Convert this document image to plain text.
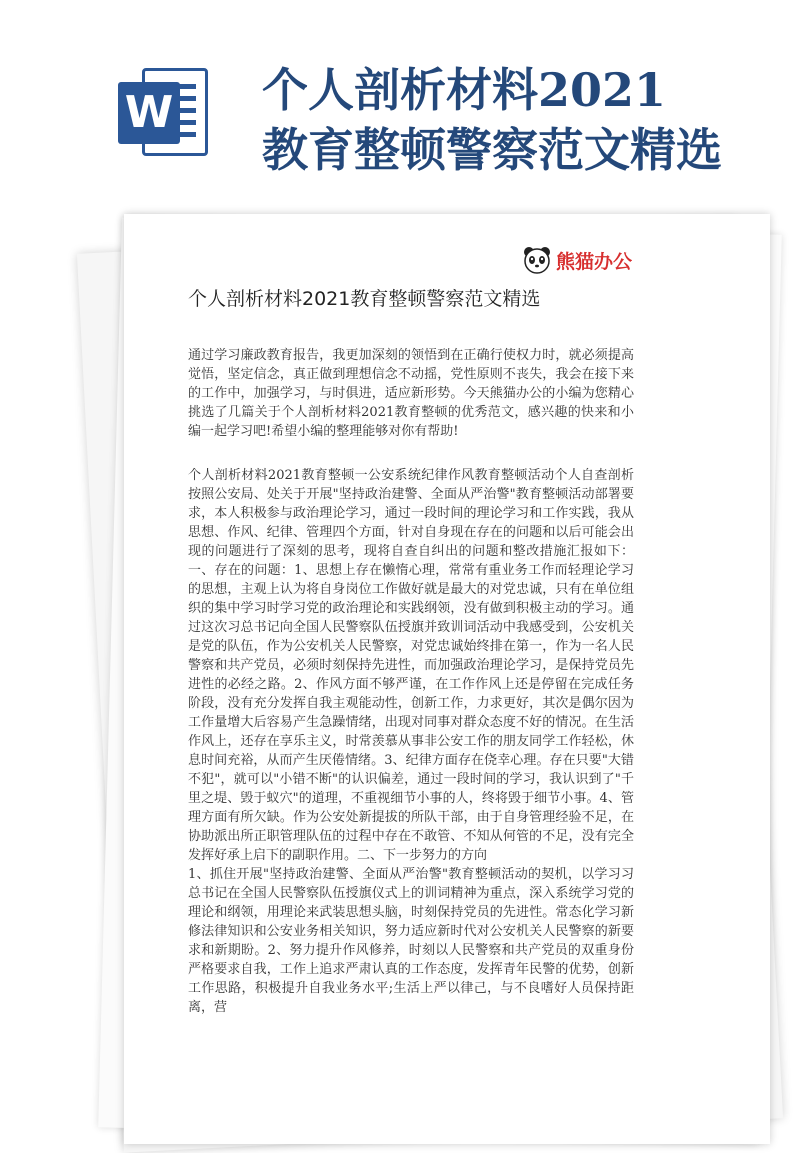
W 个人剖析材料2021
教育整顿警察范文精选
熊猫办公
个人剖析材料2021教育整顿警察范文精选

通过学习廉政教育报告，我更加深刻的领悟到在正确行使权力时，就必须提高觉悟，坚定信念，真正做到理想信念不动摇，党性原则不丧失，我会在接下来的工作中，加强学习，与时俱进，适应新形势。今天熊猫办公的小编为您精心挑选了几篇关于个人剖析材料2021教育整顿的优秀范文，感兴趣的快来和小编一起学习吧!希望小编的整理能够对你有帮助!

个人剖析材料2021教育整顿一公安系统纪律作风教育整顿活动个人自查剖析按照公安局、处关于开展"坚持政治建警、全面从严治警"教育整顿活动部署要求，本人积极参与政治理论学习，通过一段时间的理论学习和工作实践，我从思想、作风、纪律、管理四个方面，针对自身现在存在的问题和以后可能会出现的问题进行了深刻的思考，现将自查自纠出的问题和整改措施汇报如下：一、存在的问题：1、思想上存在懒惰心理，常常有重业务工作而轻理论学习的思想，主观上认为将自身岗位工作做好就是最大的对党忠诚，只有在单位组织的集中学习时学习党的政治理论和实践纲领，没有做到积极主动的学习。通过这次习总书记向全国人民警察队伍授旗并致训词活动中我感受到，公安机关是党的队伍，作为公安机关人民警察，对党忠诚始终排在第一，作为一名人民警察和共产党员，必须时刻保持先进性，而加强政治理论学习，是保持党员先进性的必经之路。2、作风方面不够严谨，在工作作风上还是停留在完成任务阶段，没有充分发挥自我主观能动性，创新工作，力求更好，其次是偶尔因为工作量增大后容易产生急躁情绪，出现对同事对群众态度不好的情况。在生活作风上，还存在享乐主义，时常羡慕从事非公安工作的朋友同学工作轻松，休息时间充裕，从而产生厌倦情绪。3、纪律方面存在侥幸心理。存在只要"大错不犯"，就可以"小错不断"的认识偏差，通过一段时间的学习，我认识到了"千里之堤、毁于蚁穴"的道理，不重视细节小事的人，终将毁于细节小事。4、管理方面有所欠缺。作为公安处新提拔的所队干部，由于自身管理经验不足，在协助派出所正职管理队伍的过程中存在不敢管、不知从何管的不足，没有完全发挥好承上启下的副职作用。二、下一步努力的方向
1、抓住开展"坚持政治建警、全面从严治警"教育整顿活动的契机，以学习习总书记在全国人民警察队伍授旗仪式上的训词精神为重点，深入系统学习党的理论和纲领，用理论来武装思想头脑，时刻保持党员的先进性。常态化学习新修法律知识和公安业务相关知识，努力适应新时代对公安机关人民警察的新要求和新期盼。2、努力提升作风修养，时刻以人民警察和共产党员的双重身份严格要求自我，工作上追求严肃认真的工作态度，发挥青年民警的优势，创新工作思路，积极提升自我业务水平;生活上严以律己，与不良嗜好人员保持距离，营
